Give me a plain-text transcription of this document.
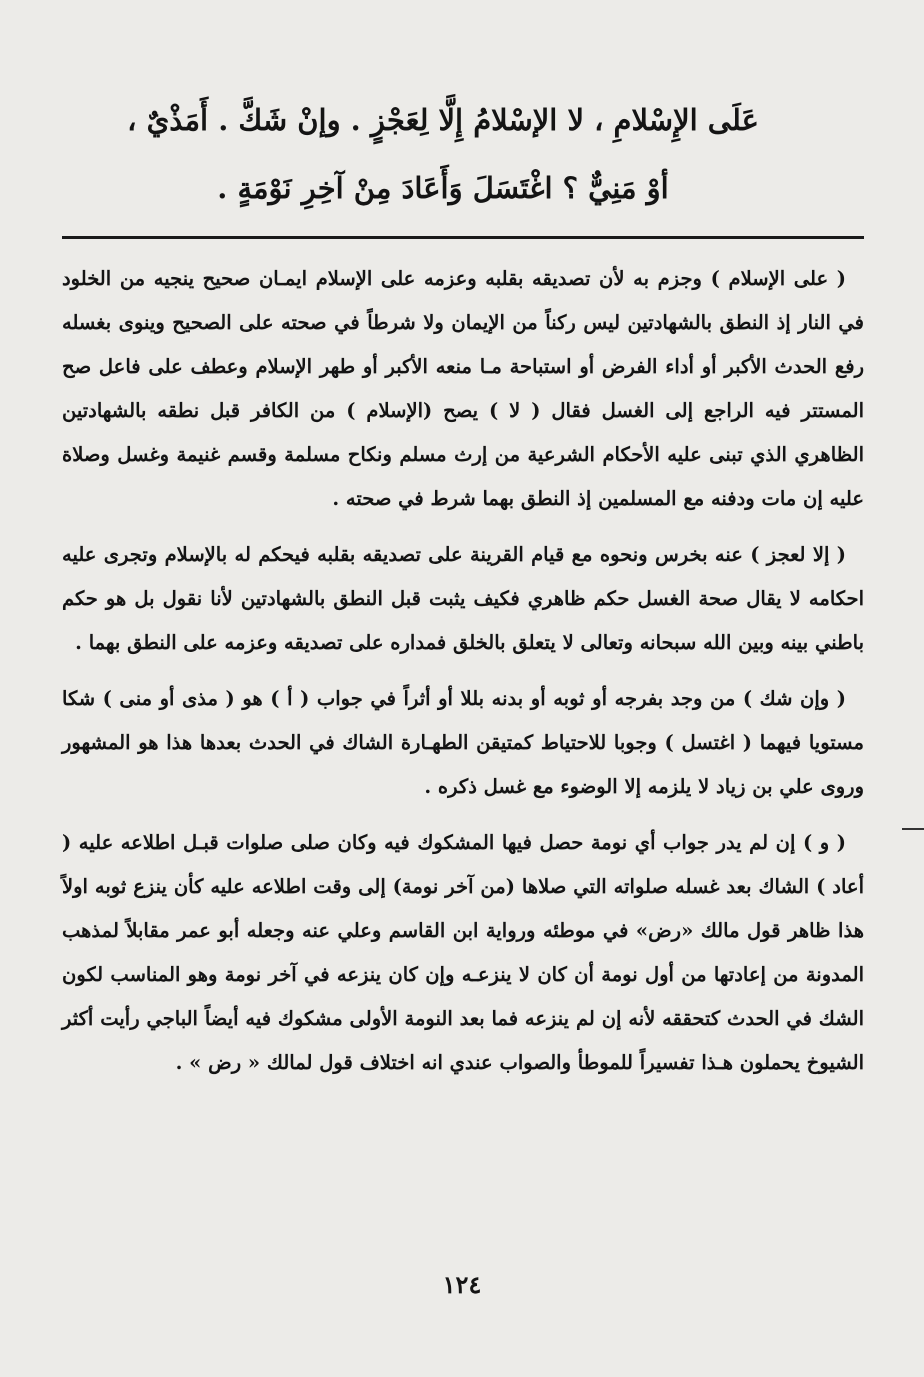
عَلَى الإِسْلامِ ، لا الإسْلامُ إِلَّا لِعَجْزٍ . وإنْ شَكَّ . أَمَذْيٌ ،

أوْ مَنِيٌّ ؟ اغْتَسَلَ وَأَعَادَ مِنْ آخِرِ نَوْمَةٍ .

( على الإسلام ) وجزم به لأن تصديقه بقلبه وعزمه على الإسلام ايمـان صحيح ينجيه من الخلود في النار إذ النطق بالشهادتين ليس ركناً من الإيمان ولا شرطاً في صحته على الصحيح وينوى بغسله رفع الحدث الأكبر أو أداء الفرض أو استباحة مـا منعه الأكبر أو طهر الإسلام وعطف على فاعل صح المستتر فيه الراجع إلى الغسل فقال ( لا ) يصح (الإسلام ) من الكافر قبل نطقه بالشهادتين الظاهري الذي تبنى عليه الأحكام الشرعية من إرث مسلم ونكاح مسلمة وقسم غنيمة وغسل وصلاة عليه إن مات ودفنه مع المسلمين إذ النطق بهما شرط في صحته .

( إلا لعجز ) عنه بخرس ونحوه مع قيام القرينة على تصديقه بقلبه فيحكم له بالإسلام وتجرى عليه احكامه لا يقال صحة الغسل حكم ظاهري فكيف يثبت قبل النطق بالشهادتين لأنا نقول بل هو حكم باطني بينه وبين الله سبحانه وتعالى لا يتعلق بالخلق فمداره على تصديقه وعزمه على النطق بهما .

( وإن شك ) من وجد بفرجه أو ثوبه أو بدنه بللا أو أثراً في جواب ( أ ) هو ( مذى أو منى ) شكا مستويا فيهما ( اغتسل ) وجوبا للاحتياط كمتيقن الطهـارة الشاك في الحدث بعدها هذا هو المشهور وروى علي بن زياد لا يلزمه إلا الوضوء مع غسل ذكره .

( و ) إن لم يدر جواب أي نومة حصل فيها المشكوك فيه وكان صلى صلوات قبـل اطلاعه عليه ( أعاد ) الشاك بعد غسله صلواته التي صلاها (من آخر نومة) إلى وقت اطلاعه عليه كأن ينزع ثوبه اولاً هذا ظاهر قول مالك «رض» في موطئه ورواية ابن القاسم وعلي عنه وجعله أبو عمر مقابلاً لمذهب المدونة من إعادتها من أول نومة أن كان لا ينزعـه وإن كان ينزعه في آخر نومة وهو المناسب لكون الشك في الحدث كتحققه لأنه إن لم ينزعه فما بعد النومة الأولى مشكوك فيه أيضاً الباجي رأيت أكثر الشيوخ يحملون هـذا تفسيراً للموطأ والصواب عندي انه اختلاف قول لمالك « رض » .

١٢٤
